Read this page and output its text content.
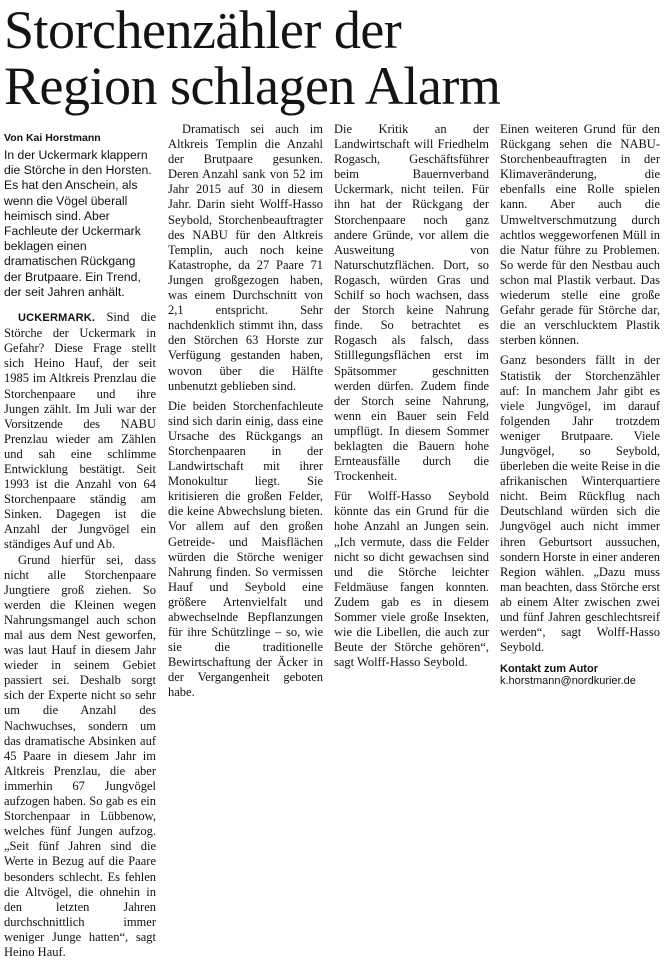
Storchenzähler der
Region schlagen Alarm
Von Kai Horstmann

In der Uckermark klappern die Störche in den Horsten. Es hat den Anschein, als wenn die Vögel überall heimisch sind. Aber Fachleute der Uckermark beklagen einen dramatischen Rückgang der Brutpaare. Ein Trend, der seit Jahren anhält.

UCKERMARK. Sind die Störche der Uckermark in Gefahr? Diese Frage stellt sich Heino Hauf, der seit 1985 im Altkreis Prenzlau die Storchenpaare und ihre Jungen zählt. Im Juli war der Vorsitzende des NABU Prenzlau wieder am Zählen und sah eine schlimme Entwicklung bestätigt. Seit 1993 ist die Anzahl von 64 Storchenpaare ständig am Sinken. Dagegen ist die Anzahl der Jungvögel ein ständiges Auf und Ab.

Grund hierfür sei, dass nicht alle Storchenpaare Jungtiere groß ziehen. So werden die Kleinen wegen Nahrungsmangel auch schon mal aus dem Nest geworfen, was laut Hauf in diesem Jahr wieder in seinem Gebiet passiert sei. Deshalb sorgt sich der Experte nicht so sehr um die Anzahl des Nachwuchses, sondern um das dramatische Absinken auf 45 Paare in diesem Jahr im Altkreis Prenzlau, die aber immerhin 67 Jungvögel aufzogen haben. So gab es ein Storchenpaar in Lübbenow, welches fünf Jungen aufzog. „Seit fünf Jahren sind die Werte in Bezug auf die Paare besonders schlecht. Es fehlen die Altvögel, die ohnehin in den letzten Jahren durchschnittlich immer weniger Junge hatten“, sagt Heino Hauf.

Dramatisch sei auch im Altkreis Templin die Anzahl der Brutpaare gesunken. Deren Anzahl sank von 52 im Jahr 2015 auf 30 in diesem Jahr. Darin sieht Wolff-Hasso Seybold, Storchenbeauftragter des NABU für den Altkreis Templin, auch noch keine Katastrophe, da 27 Paare 71 Jungen großgezogen haben, was einem Durchschnitt von 2,1 entspricht. Sehr nachdenklich stimmt ihn, dass den Störchen 63 Horste zur Verfügung gestanden haben, wovon über die Hälfte unbenutzt geblieben sind.

Die beiden Storchenfachleute sind sich darin einig, dass eine Ursache des Rückgangs an Storchenpaaren in der Landwirtschaft mit ihrer Monokultur liegt. Sie kritisieren die großen Felder, die keine Abwechslung bieten. Vor allem auf den großen Getreide- und Maisflächen würden die Störche weniger Nahrung finden. So vermissen Hauf und Seybold eine größere Artenvielfalt und abwechselnde Bepflanzungen für ihre Schützlinge – so, wie sie die traditionelle Bewirtschaftung der Äcker in der Vergangenheit geboten habe.

Die Kritik an der Landwirtschaft will Friedhelm Rogasch, Geschäftsführer beim Bauernverband Uckermark, nicht teilen. Für ihn hat der Rückgang der Storchenpaare noch ganz andere Gründe, vor allem die Ausweitung von Naturschutzflächen. Dort, so Rogasch, würden Gras und Schilf so hoch wachsen, dass der Storch keine Nahrung finde. So betrachtet es Rogasch als falsch, dass Stilllegungsflächen erst im Spätsommer geschnitten werden dürfen. Zudem finde der Storch seine Nahrung, wenn ein Bauer sein Feld umpflügt. In diesem Sommer beklagten die Bauern hohe Ernteausfälle durch die Trockenheit.

Für Wolff-Hasso Seybold könnte das ein Grund für die hohe Anzahl an Jungen sein. „Ich vermute, dass die Felder nicht so dicht gewachsen sind und die Störche leichter Feldmäuse fangen konnten. Zudem gab es in diesem Sommer viele große Insekten, wie die Libellen, die auch zur Beute der Störche gehören“, sagt Wolff-Hasso Seybold.

Einen weiteren Grund für den Rückgang sehen die NABU-Storchenbeauftragten in der Klimaveränderung, die ebenfalls eine Rolle spielen kann. Aber auch die Umweltverschmutzung durch achtlos weggeworfenen Müll in die Natur führe zu Problemen. So werde für den Nestbau auch schon mal Plastik verbaut. Das wiederum stelle eine große Gefahr gerade für Störche dar, die an verschlucktem Plastik sterben können.

Ganz besonders fällt in der Statistik der Storchenzähler auf: In manchem Jahr gibt es viele Jungvögel, im darauf folgenden Jahr trotzdem weniger Brutpaare. Viele Jungvögel, so Seybold, überleben die weite Reise in die afrikanischen Winterquartiere nicht. Beim Rückflug nach Deutschland würden sich die Jungvögel auch nicht immer ihren Geburtsort aussuchen, sondern Horste in einer anderen Region wählen. „Dazu muss man beachten, dass Störche erst ab einem Alter zwischen zwei und fünf Jahren geschlechtsreif werden“, sagt Wolff-Hasso Seybold.

Kontakt zum Autor
k.horstmann@nordkurier.de
